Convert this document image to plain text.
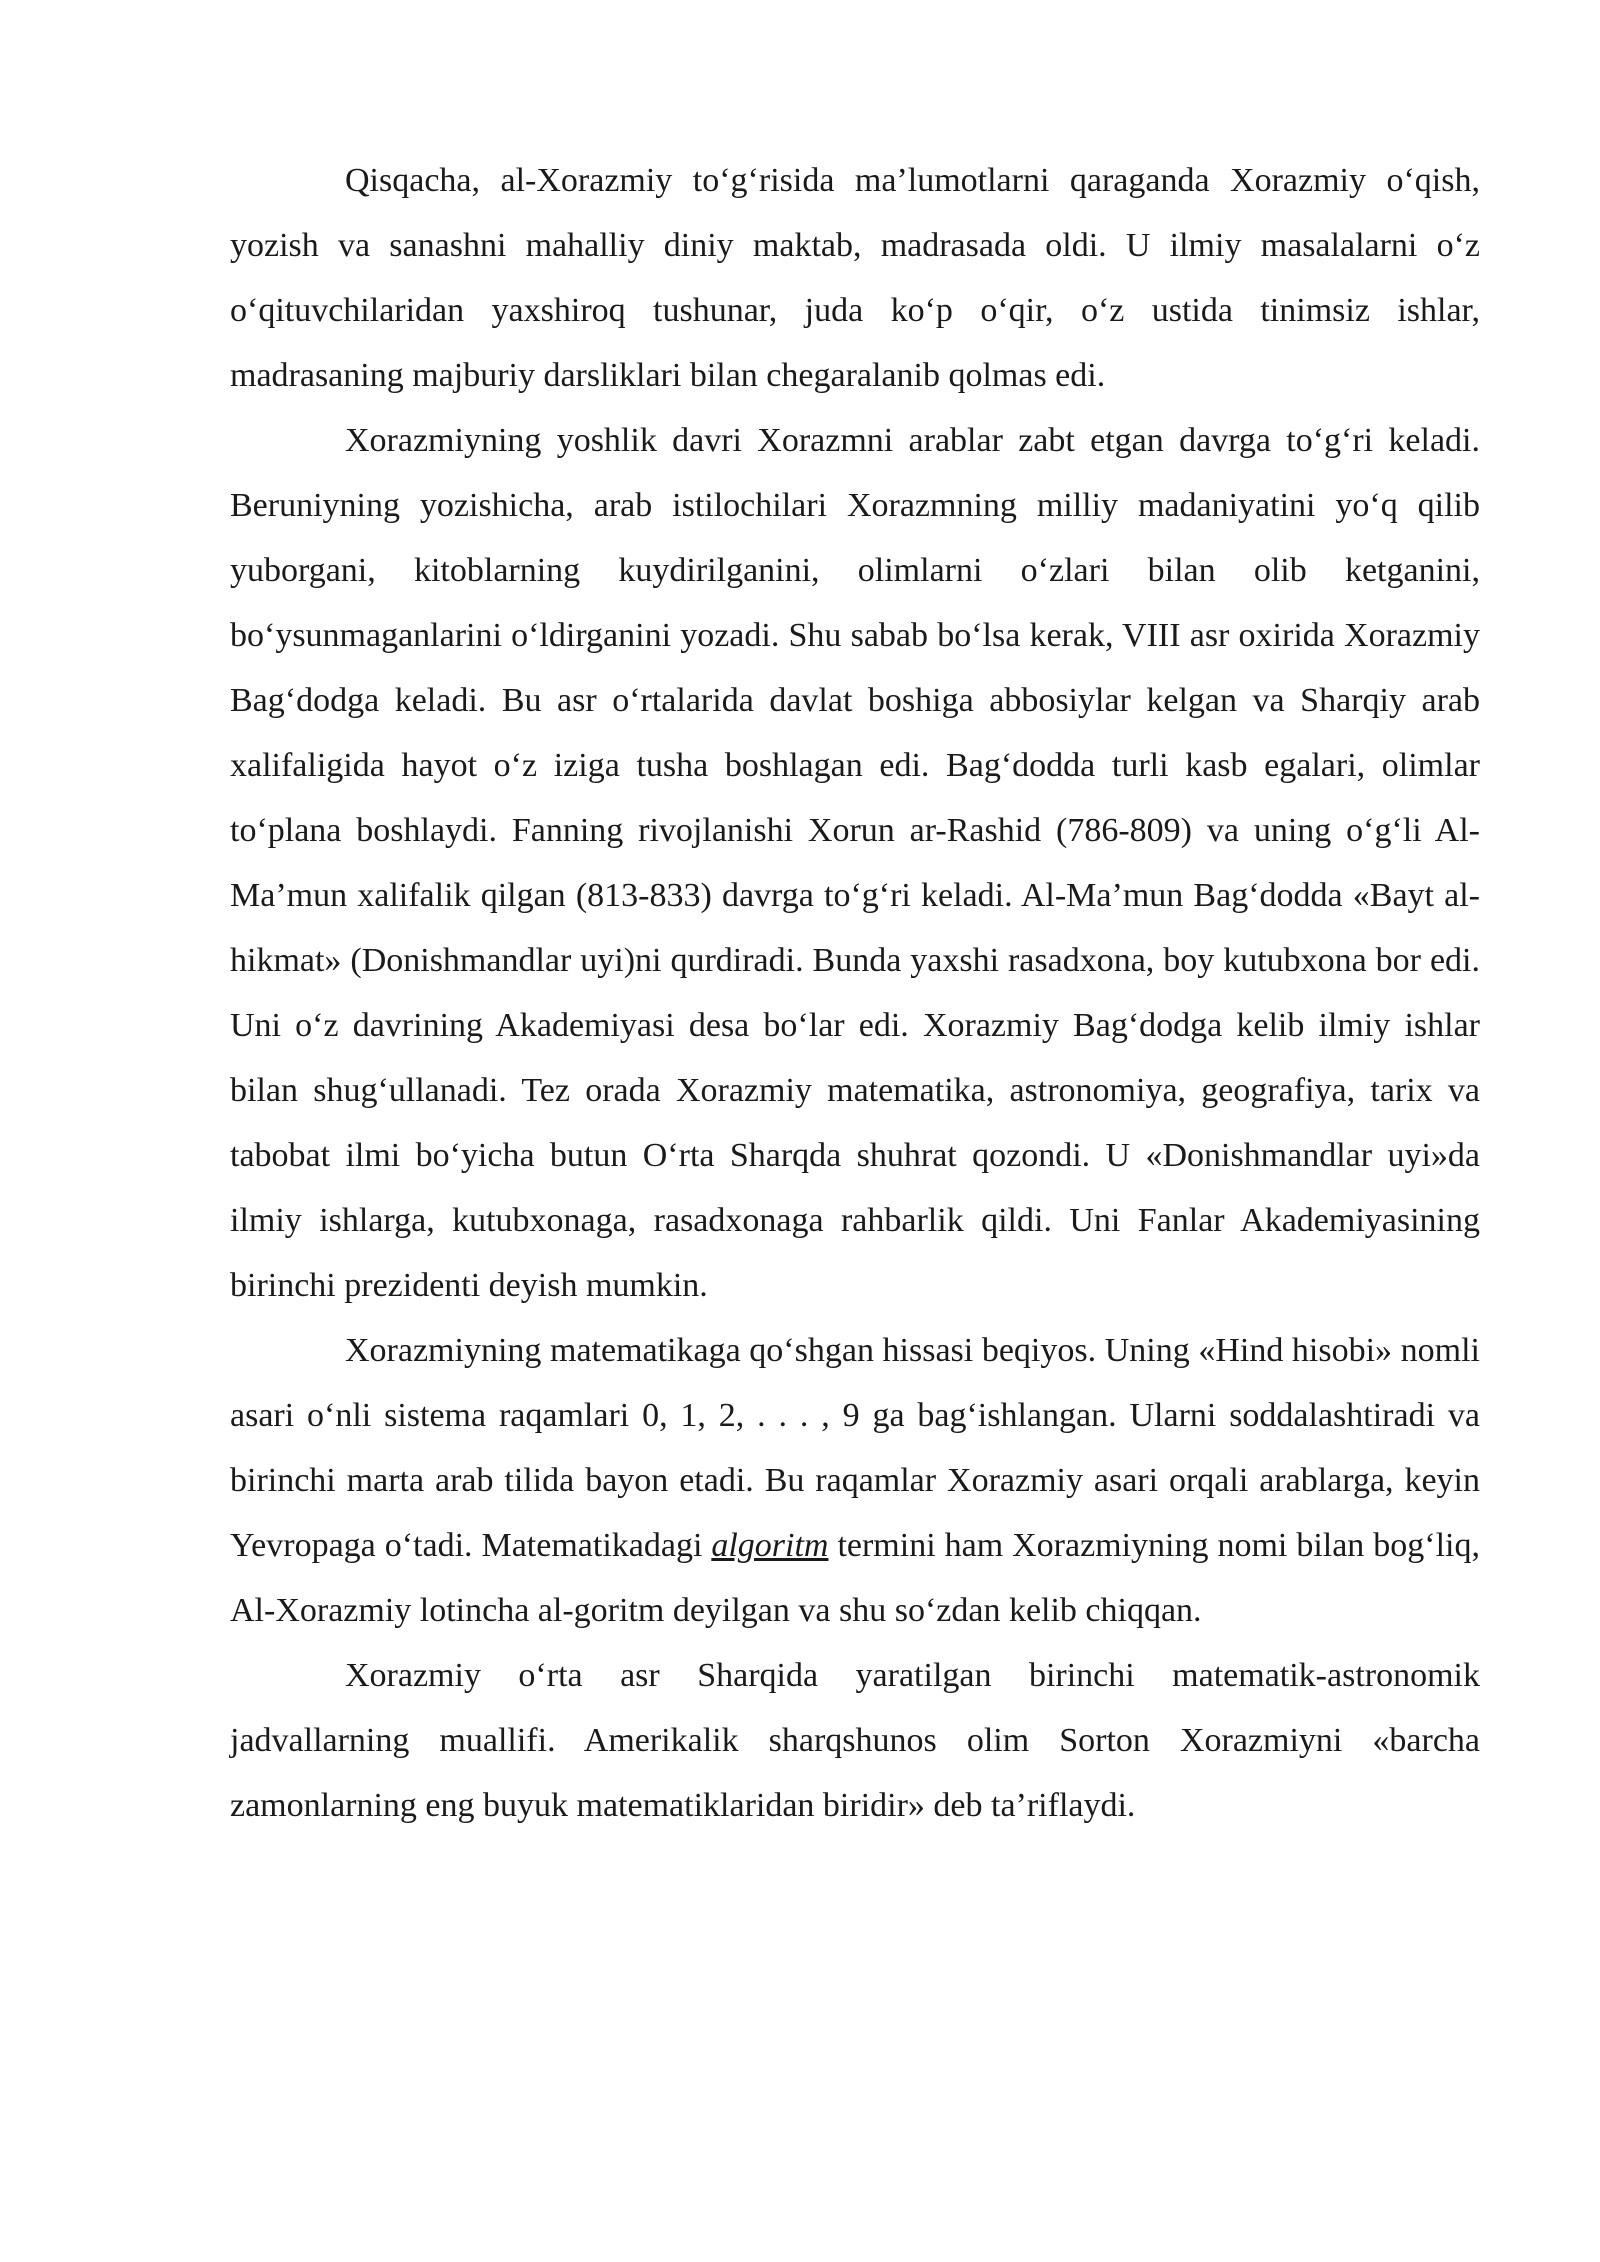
Qisqacha, al-Xorazmiy to‘g‘risida ma’lumotlarni qaraganda Xorazmiy o‘qish, yozish va sanashni mahalliy diniy maktab, madrasada oldi. U ilmiy masalalarni o‘z o‘qituvchilaridan yaxshiroq tushunar, juda ko‘p o‘qir, o‘z ustida tinimsiz ishlar, madrasaning majburiy darsliklari bilan chegaralanib qolmas edi.

Xorazmiyning yoshlik davri Xorazmni arablar zabt etgan davrga to‘g‘ri keladi. Beruniyning yozishicha, arab istilochilari Xorazmning milliy madaniyatini yo‘q qilib yuborgani, kitoblarning kuydirilganini, olimlarni o‘zlari bilan olib ketganini, bo‘ysunmaganlarini o‘ldirganini yozadi. Shu sabab bo‘lsa kerak, VIII asr oxirida Xorazmiy Bag‘dodga keladi. Bu asr o‘rtalarida davlat boshiga abbosiylar kelgan va Sharqiy arab xalifaligida hayot o‘z iziga tusha boshlagan edi. Bag‘dodda turli kasb egalari, olimlar to‘plana boshlaydi. Fanning rivojlanishi Xorun ar-Rashid (786-809) va uning o‘g‘li Al-Ma’mun xalifalik qilgan (813-833) davrga to‘g‘ri keladi. Al-Ma’mun Bag‘dodda «Bayt al-hikmat» (Donishmandlar uyi)ni qurdiradi. Bunda yaxshi rasadxona, boy kutubxona bor edi. Uni o‘z davrining Akademiyasi desa bo‘lar edi. Xorazmiy Bag‘dodga kelib ilmiy ishlar bilan shug‘ullanadi. Tez orada Xorazmiy matematika, astronomiya, geografiya, tarix va tabobat ilmi bo‘yicha butun O‘rta Sharqda shuhrat qozondi. U «Donishmandlar uyi»da ilmiy ishlarga, kutubxonaga, rasadxonaga rahbarlik qildi. Uni Fanlar Akademiyasining birinchi prezidenti deyish mumkin.

Xorazmiyning matematikaga qo‘shgan hissasi beqiyos. Uning «Hind hisobi» nomli asari o‘nli sistema raqamlari 0, 1, 2, . . . , 9 ga bag‘ishlangan. Ularni soddalashtiradi va birinchi marta arab tilida bayon etadi. Bu raqamlar Xorazmiy asari orqali arablarga, keyin Yevropaga o‘tadi. Matematikadagi algoritm termini ham Xorazmiyning nomi bilan bog‘liq, Al-Xorazmiy lotincha al-goritm deyilgan va shu so‘zdan kelib chiqqan.

Xorazmiy o‘rta asr Sharqida yaratilgan birinchi matematik-astronomik jadvallarning muallifi. Amerikalik sharqshunos olim Sorton Xorazmiyni «barcha zamonlarning eng buyuk matematiklaridan biridir» deb ta’riflaydi.
